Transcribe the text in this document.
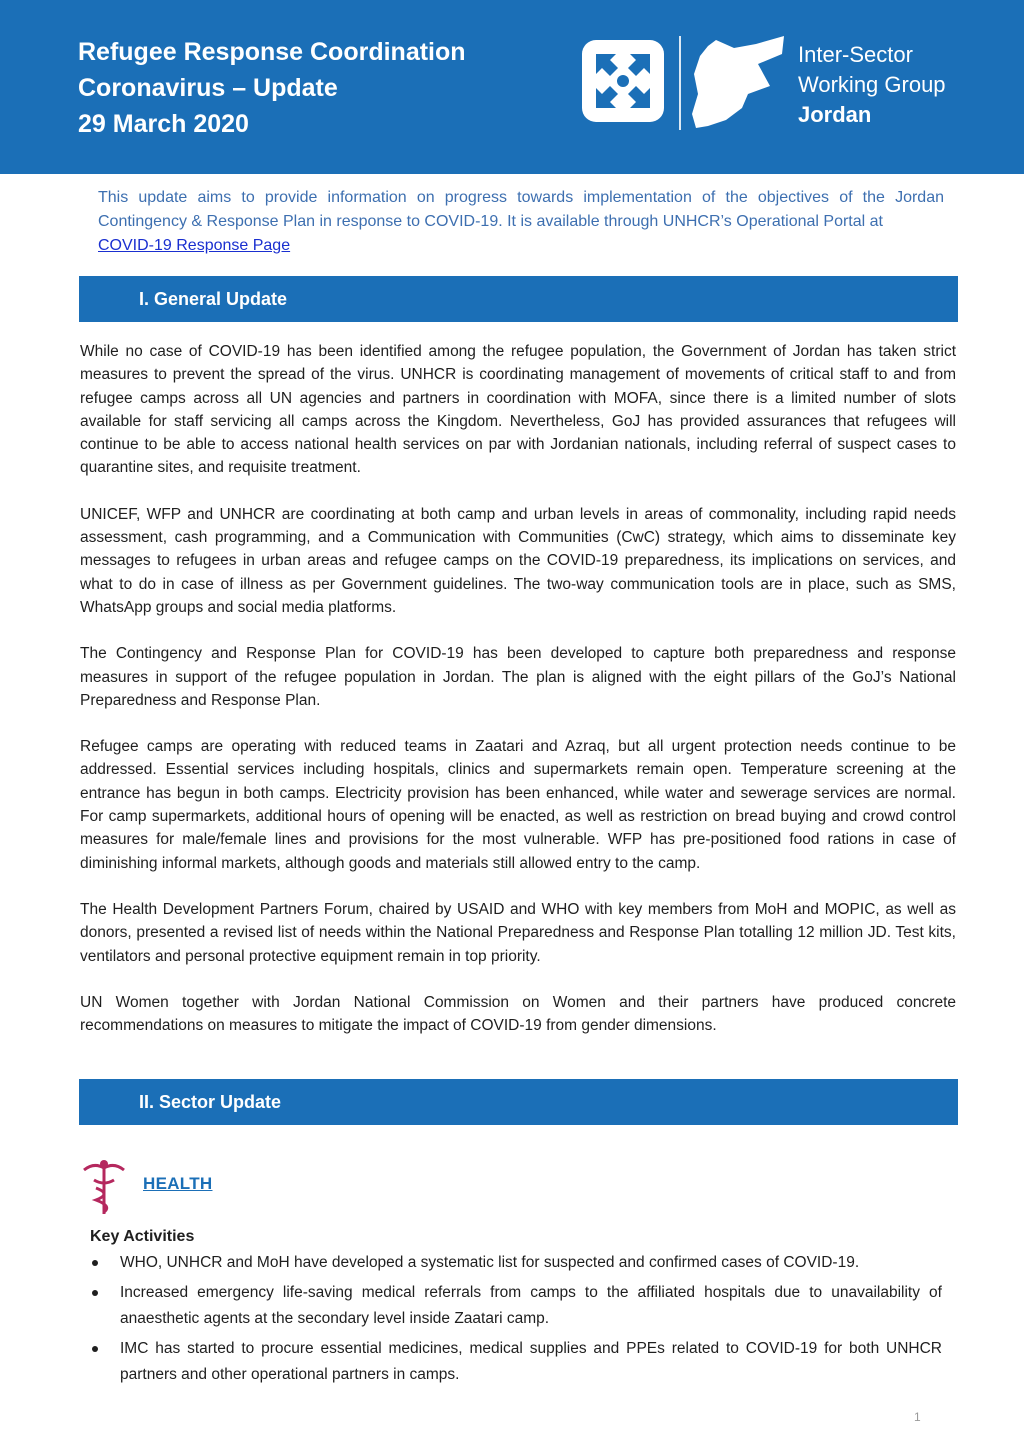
Refugee Response Coordination
Coronavirus – Update
29 March 2020
Inter-Sector
Working Group
Jordan
This update aims to provide information on progress towards implementation of the objectives of the Jordan Contingency & Response Plan in response to COVID-19. It is available through UNHCR’s Operational Portal at
COVID-19 Response Page
I. General Update

While no case of COVID-19 has been identified among the refugee population, the Government of Jordan has taken strict measures to prevent the spread of the virus. UNHCR is coordinating management of movements of critical staff to and from refugee camps across all UN agencies and partners in coordination with MOFA, since there is a limited number of slots available for staff servicing all camps across the Kingdom. Nevertheless, GoJ has provided assurances that refugees will continue to be able to access national health services on par with Jordanian nationals, including referral of suspect cases to quarantine sites, and requisite treatment.

UNICEF, WFP and UNHCR are coordinating at both camp and urban levels in areas of commonality, including rapid needs assessment, cash programming, and a Communication with Communities (CwC) strategy, which aims to disseminate key messages to refugees in urban areas and refugee camps on the COVID-19 preparedness, its implications on services, and what to do in case of illness as per Government guidelines. The two-way communication tools are in place, such as SMS, WhatsApp groups and social media platforms.

The Contingency and Response Plan for COVID-19 has been developed to capture both preparedness and response measures in support of the refugee population in Jordan. The plan is aligned with the eight pillars of the GoJ’s National Preparedness and Response Plan.

Refugee camps are operating with reduced teams in Zaatari and Azraq, but all urgent protection needs continue to be addressed. Essential services including hospitals, clinics and supermarkets remain open. Temperature screening at the entrance has begun in both camps. Electricity provision has been enhanced, while water and sewerage services are normal. For camp supermarkets, additional hours of opening will be enacted, as well as restriction on bread buying and crowd control measures for male/female lines and provisions for the most vulnerable. WFP has pre-positioned food rations in case of diminishing informal markets, although goods and materials still allowed entry to the camp.

The Health Development Partners Forum, chaired by USAID and WHO with key members from MoH and MOPIC, as well as donors, presented a revised list of needs within the National Preparedness and Response Plan totalling 12 million JD. Test kits, ventilators and personal protective equipment remain in top priority.

UN Women together with Jordan National Commission on Women and their partners have produced concrete recommendations on measures to mitigate the impact of COVID-19 from gender dimensions.

II. Sector Update
HEALTH
Key Activities
WHO, UNHCR and MoH have developed a systematic list for suspected and confirmed cases of COVID-19.
Increased emergency life-saving medical referrals from camps to the affiliated hospitals due to unavailability of anaesthetic agents at the secondary level inside Zaatari camp.
IMC has started to procure essential medicines, medical supplies and PPEs related to COVID-19 for both UNHCR partners and other operational partners in camps.
1
